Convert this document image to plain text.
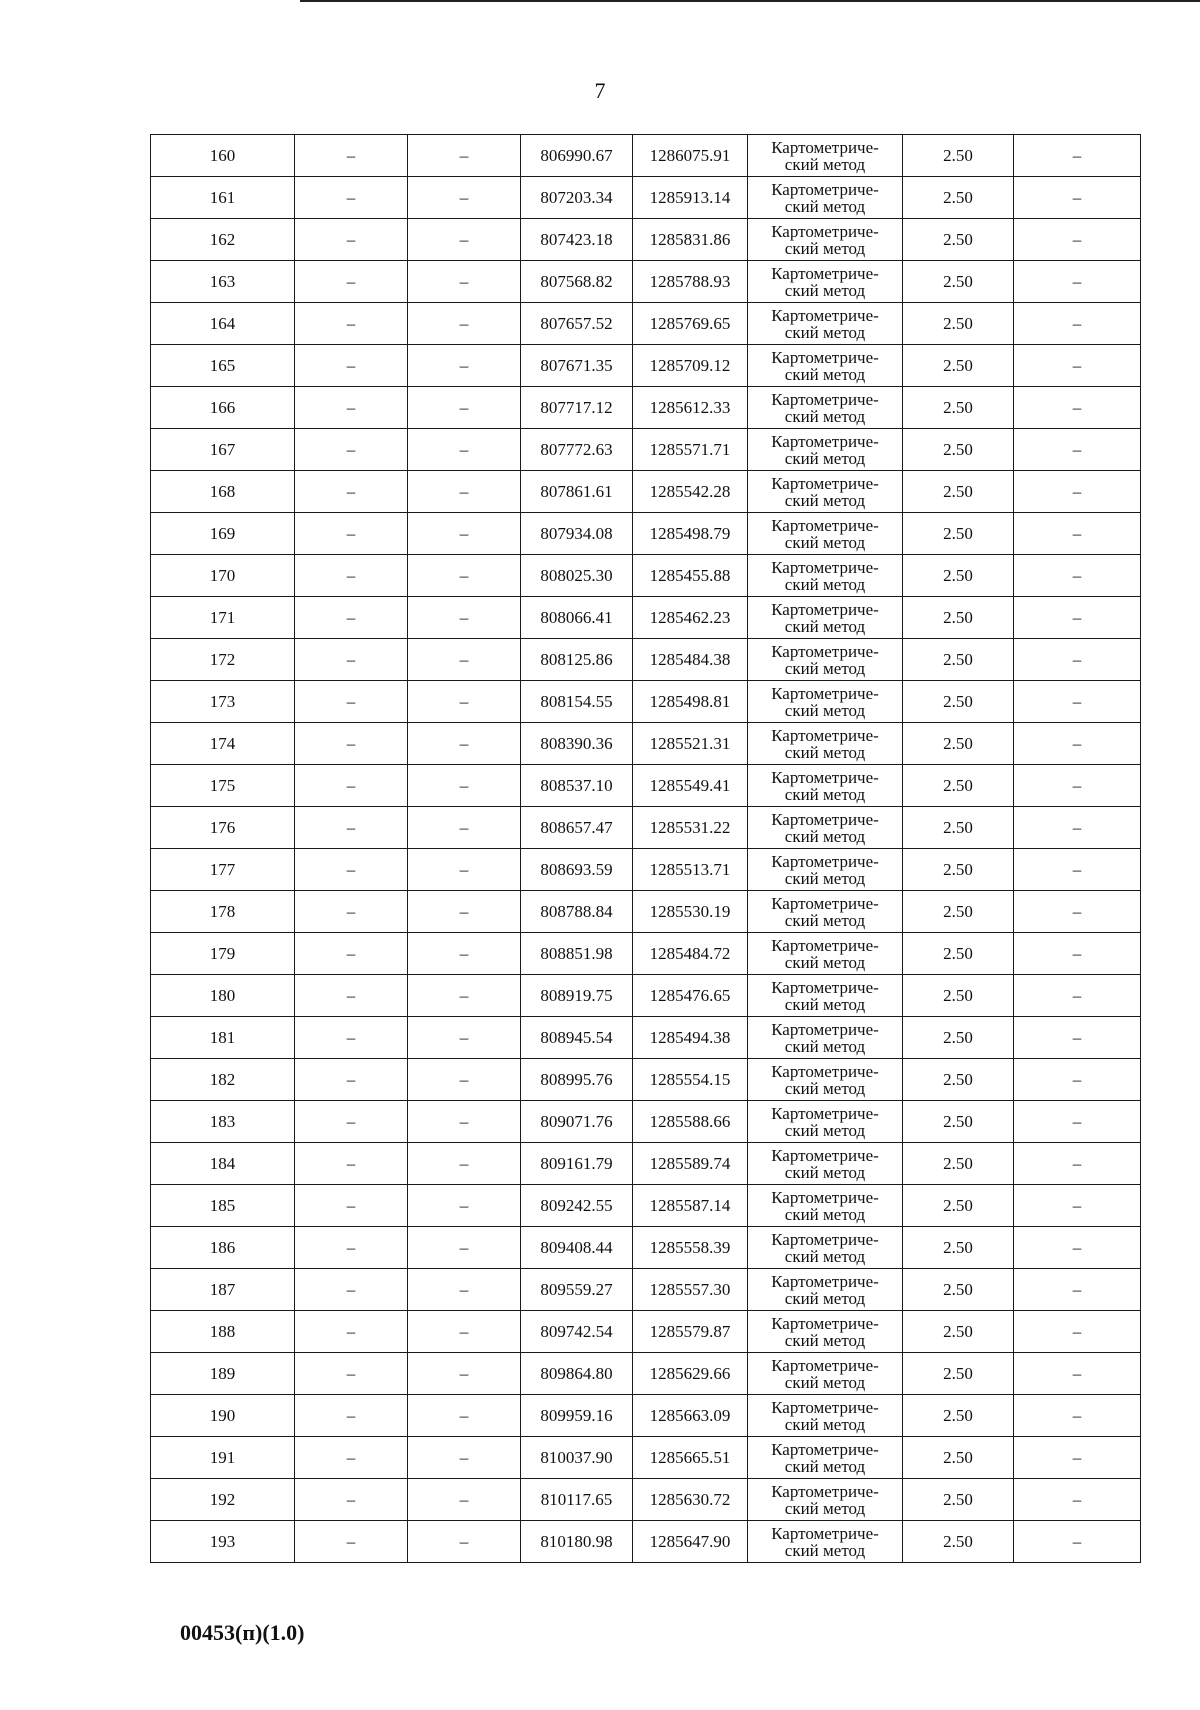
7
160	–	–	806990.67	1286075.91	Картометриче-
ский метод	2.50	–
161	–	–	807203.34	1285913.14	Картометриче-
ский метод	2.50	–
162	–	–	807423.18	1285831.86	Картометриче-
ский метод	2.50	–
163	–	–	807568.82	1285788.93	Картометриче-
ский метод	2.50	–
164	–	–	807657.52	1285769.65	Картометриче-
ский метод	2.50	–
165	–	–	807671.35	1285709.12	Картометриче-
ский метод	2.50	–
166	–	–	807717.12	1285612.33	Картометриче-
ский метод	2.50	–
167	–	–	807772.63	1285571.71	Картометриче-
ский метод	2.50	–
168	–	–	807861.61	1285542.28	Картометриче-
ский метод	2.50	–
169	–	–	807934.08	1285498.79	Картометриче-
ский метод	2.50	–
170	–	–	808025.30	1285455.88	Картометриче-
ский метод	2.50	–
171	–	–	808066.41	1285462.23	Картометриче-
ский метод	2.50	–
172	–	–	808125.86	1285484.38	Картометриче-
ский метод	2.50	–
173	–	–	808154.55	1285498.81	Картометриче-
ский метод	2.50	–
174	–	–	808390.36	1285521.31	Картометриче-
ский метод	2.50	–
175	–	–	808537.10	1285549.41	Картометриче-
ский метод	2.50	–
176	–	–	808657.47	1285531.22	Картометриче-
ский метод	2.50	–
177	–	–	808693.59	1285513.71	Картометриче-
ский метод	2.50	–
178	–	–	808788.84	1285530.19	Картометриче-
ский метод	2.50	–
179	–	–	808851.98	1285484.72	Картометриче-
ский метод	2.50	–
180	–	–	808919.75	1285476.65	Картометриче-
ский метод	2.50	–
181	–	–	808945.54	1285494.38	Картометриче-
ский метод	2.50	–
182	–	–	808995.76	1285554.15	Картометриче-
ский метод	2.50	–
183	–	–	809071.76	1285588.66	Картометриче-
ский метод	2.50	–
184	–	–	809161.79	1285589.74	Картометриче-
ский метод	2.50	–
185	–	–	809242.55	1285587.14	Картометриче-
ский метод	2.50	–
186	–	–	809408.44	1285558.39	Картометриче-
ский метод	2.50	–
187	–	–	809559.27	1285557.30	Картометриче-
ский метод	2.50	–
188	–	–	809742.54	1285579.87	Картометриче-
ский метод	2.50	–
189	–	–	809864.80	1285629.66	Картометриче-
ский метод	2.50	–
190	–	–	809959.16	1285663.09	Картометриче-
ский метод	2.50	–
191	–	–	810037.90	1285665.51	Картометриче-
ский метод	2.50	–
192	–	–	810117.65	1285630.72	Картометриче-
ский метод	2.50	–
193	–	–	810180.98	1285647.90	Картометриче-
ский метод	2.50	–
00453(п)(1.0)
